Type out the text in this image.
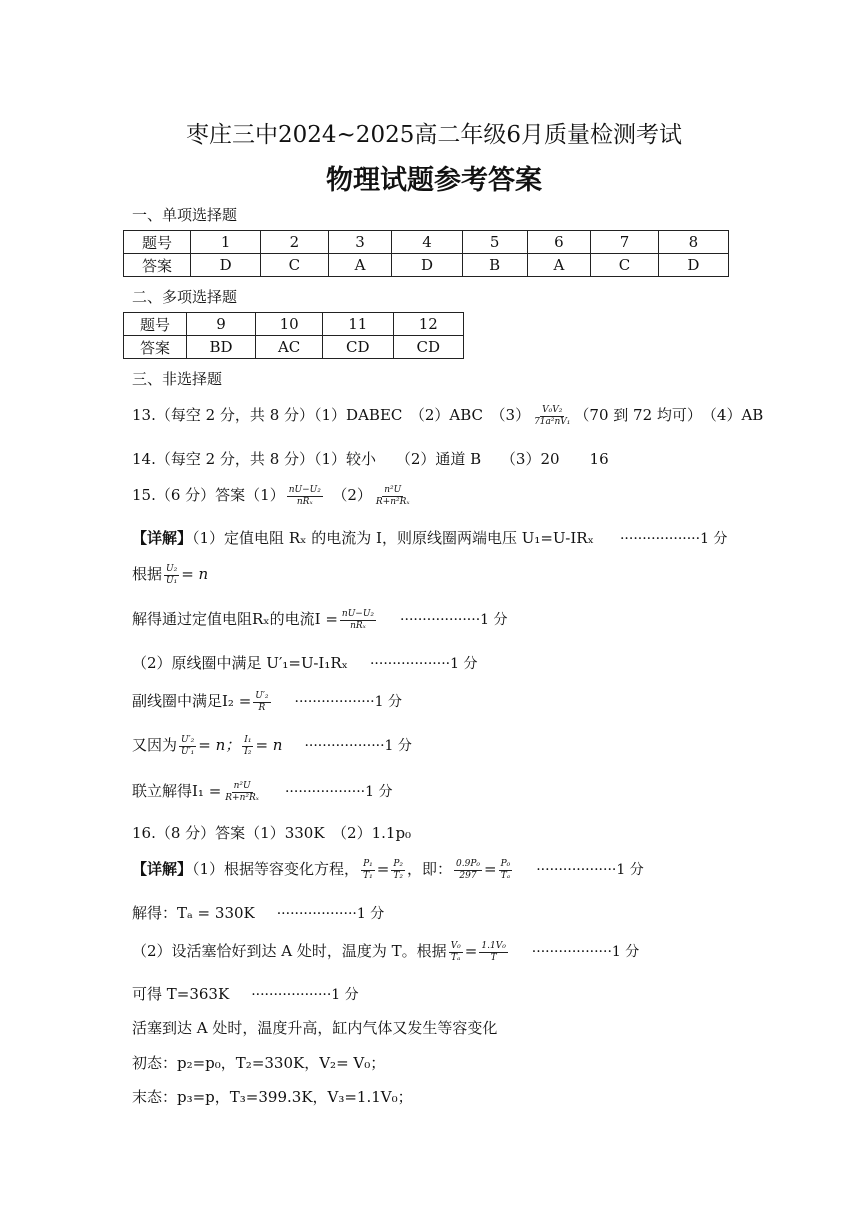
枣庄三中2024~2025高二年级6月质量检测考试
物理试题参考答案
一、单项选择题
题号	1	2	3	4	5	6	7	8
答案	D	C	A	D	B	A	C	D
二、多项选择题
题号	9	10	11	12
答案	BD	AC	CD	CD
三、非选择题
13.（每空 2 分，共 8 分）（1）DABEC　（2）ABC　$(3) \frac{\text{V₀V₂}}{\text{71a²nV₁}} (70$ 到 72 均可）　（4）AB
14.（每空 2 分，共 8 分）（1）较小　 （2）通道 B　 （3）20　　16
15.（6 分）答案$(1) \frac{\text{nU−U₂}}{\text{nRₓ}}$ 　$(2) \frac{\text{n²U}}{\text{R+n²Rₓ}}$
【详解】（1）定值电阻 Rₓ 的电流为 I，则原线圈两端电压 U₁=U-IRₓ ··················1 分
根据 $\frac{\text{U₂}}{\text{U₁}} = n$
解得通过定值电阻Rₓ的电流$I = \frac{\text{nU−U₂}}{\text{nRₓ}} \cdot\cdot\cdot\cdot\cdot\cdot\cdot\cdot\cdot\cdot\cdot\cdot\cdot\cdot\cdot\cdot\cdot\cdot 1$ 分
（2）原线圈中满足 U′₁=U-I₁Rₓ ··················1 分
副线圈中满足$I_2 = \frac{\text{U′₂}}{R} \cdot\cdot\cdot\cdot\cdot\cdot\cdot\cdot\cdot\cdot\cdot\cdot\cdot\cdot\cdot\cdot\cdot\cdot 1$ 分
又因为 $\frac{\text{U′₂}}{\text{U′₁}} = n$； $\frac{\text{I₁}}{\text{I₂}} = n \cdot\cdot\cdot\cdot\cdot\cdot\cdot\cdot\cdot\cdot\cdot\cdot\cdot\cdot\cdot\cdot\cdot\cdot 1$ 分
联立解得$I_1 = \frac{\text{n²U}}{\text{R+n²Rₓ}} \cdot\cdot\cdot\cdot\cdot\cdot\cdot\cdot\cdot\cdot\cdot\cdot\cdot\cdot\cdot\cdot\cdot\cdot 1$ 分
16.（8 分）答案（1）330K　（2）1.1p₀
【详解】（1）根据等容变化方程， $\frac{\text{P₁}}{\text{T₁}} = \frac{\text{P₂}}{\text{T₂}}$ ，即： $\frac{\text{0.9P₀}}{297} = \frac{\text{P₀}}{\text{Tₐ}} \cdot\cdot\cdot\cdot\cdot\cdot\cdot\cdot\cdot\cdot\cdot\cdot\cdot\cdot\cdot\cdot\cdot\cdot 1$ 分
解得：Tₐ = 330K ··················1 分
（2）设活塞恰好到达 A 处时，温度为 T。根据 $\frac{\text{V₀}}{\text{Tₐ}} = \frac{\text{1.1V₀}}{T} \cdot\cdot\cdot\cdot\cdot\cdot\cdot\cdot\cdot\cdot\cdot\cdot\cdot\cdot\cdot\cdot\cdot\cdot 1$ 分
可得 T=363K ··················1 分
活塞到达 A 处时，温度升高，缸内气体又发生等容变化
初态：p₂=p₀，T₂=330K，V₂= V₀；
末态：p₃=p，T₃=399.3K，V₃=1.1V₀；
